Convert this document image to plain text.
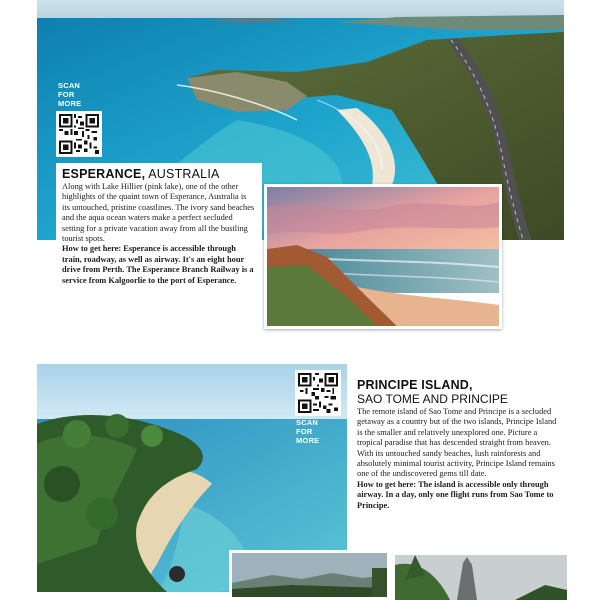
SCAN
FOR
MORE
SCAN
FOR
MORE
ESPERANCE, AUSTRALIA

Along with Lake Hillier (pink lake), one of the other highlights of the quaint town of Esperance, Australia is its untouched, pristine coastlines. The ivory sand beaches and the aqua ocean waters make a perfect secluded setting for a private vacation away from all the bustling tourist spots.

How to get here: Esperance is accessible through train, roadway, as well as airway. It's an eight hour drive from Perth. The Esperance Branch Railway is a service from Kalgoorlie to the port of Esperance.

PRINCIPE ISLAND,
SAO TOME AND PRINCIPE

The remote island of Sao Tome and Principe is a secluded getaway as a country but of the two islands, Principe Island is the smaller and relatively unexplored one. Picture a tropical paradise that has descended straight from heaven. With its untouched sandy beaches, lush rainforests and absolutely minimal tourist activity, Principe Island remains one of the undiscovered gems till date.

How to get here: The island is accessible only through airway. In a day, only one flight runs from Sao Tome to Principe.
